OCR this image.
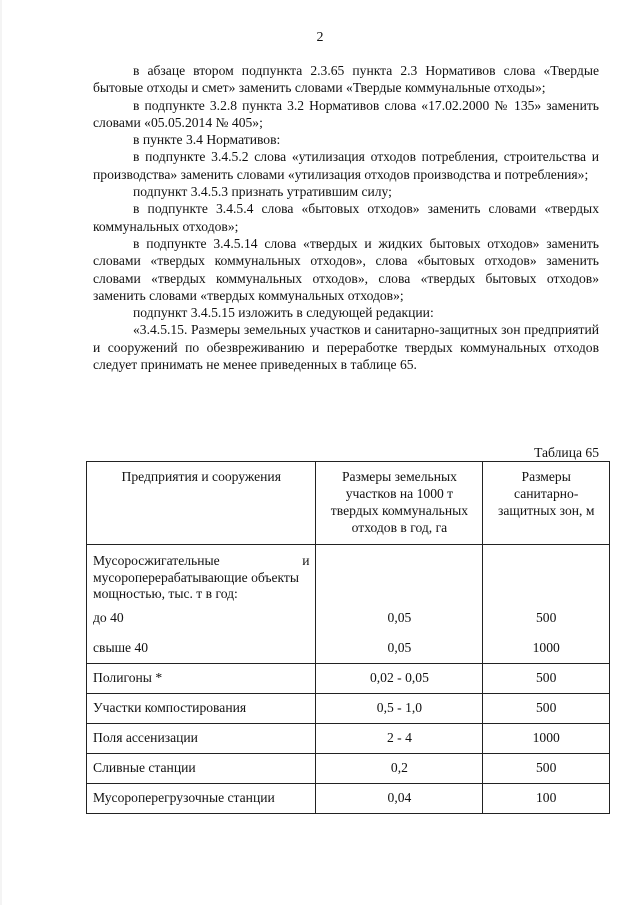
2

в абзаце втором подпункта 2.3.65 пункта 2.3 Нормативов слова «Твердые бытовые отходы и смет» заменить словами «Твердые коммунальные отходы»;

в подпункте 3.2.8 пункта 3.2 Нормативов слова «17.02.2000 № 135» заменить словами «05.05.2014 № 405»;

в пункте 3.4 Нормативов:

в подпункте 3.4.5.2 слова «утилизация отходов потребления, строительства и производства» заменить словами «утилизация отходов производства и потребления»;

подпункт 3.4.5.3 признать утратившим силу;

в подпункте 3.4.5.4 слова «бытовых отходов» заменить словами «твердых коммунальных отходов»;

в подпункте 3.4.5.14 слова «твердых и жидких бытовых отходов» заменить словами «твердых коммунальных отходов», слова «бытовых отходов» заменить словами «твердых коммунальных отходов», слова «твердых бытовых отходов» заменить словами «твердых коммунальных отходов»;

подпункт 3.4.5.15 изложить в следующей редакции:

«3.4.5.15. Размеры земельных участков и санитарно-защитных зон предприятий и сооружений по обезвреживанию и переработке твердых коммунальных отходов следует принимать не менее приведенных в таблице 65.

Таблица 65
Предприятия и сооружения	Размеры земельных участков на 1000 т твердых коммунальных отходов в год, га	Размеры санитарно-защитных зон, м

Мусоросжигательные и
мусороперерабатывающие объекты мощностью, тыс. т в год:		

до 40	0,05	500
свыше 40	0,05	1000
Полигоны *	0,02 - 0,05	500
Участки компостирования	0,5 - 1,0	500
Поля ассенизации	2 - 4	1000
Сливные станции	0,2	500
Мусороперегрузочные станции	0,04	100
